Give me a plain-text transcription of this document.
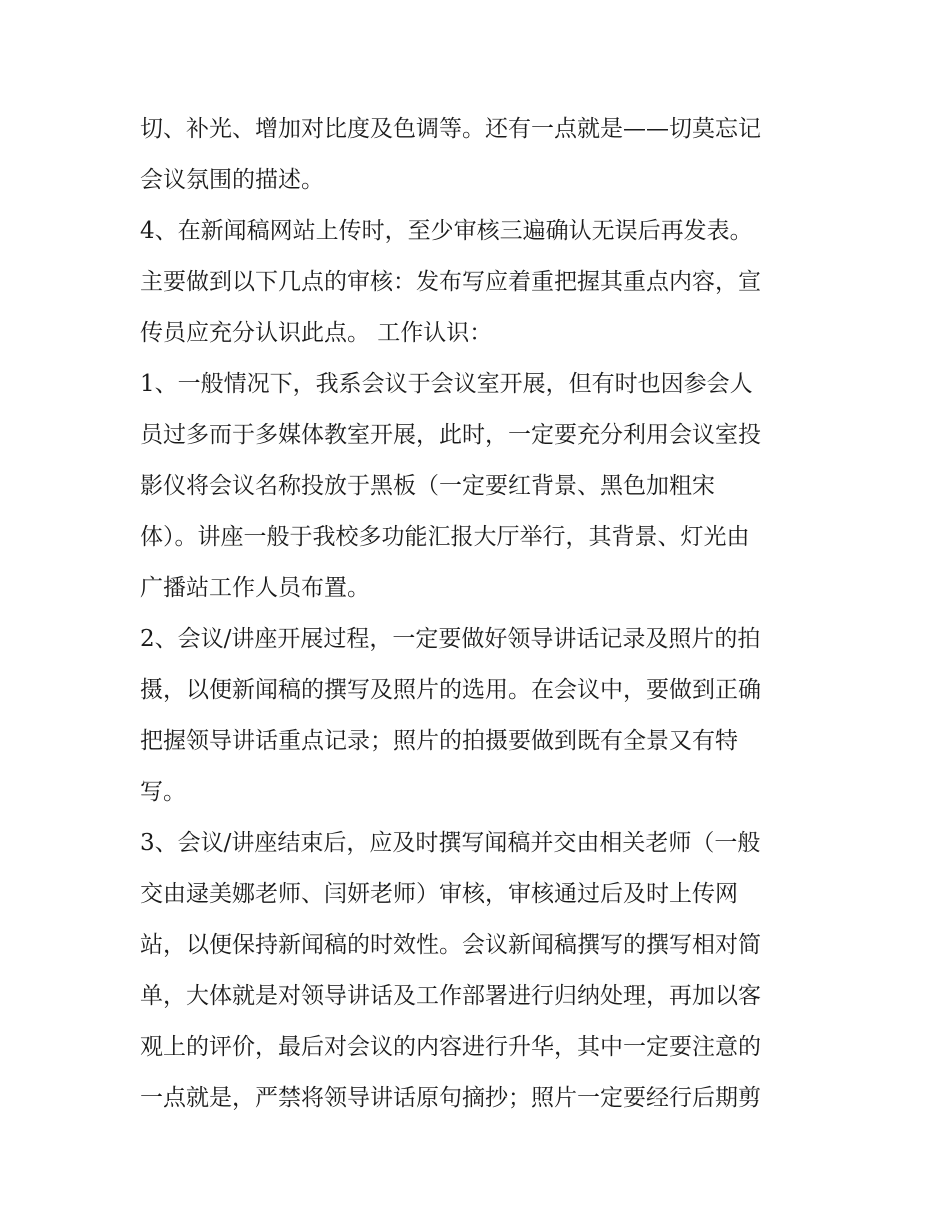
切、补光、增加对比度及色调等。还有一点就是——切莫忘记
会议氛围的描述。
4、在新闻稿网站上传时，至少审核三遍确认无误后再发表。
主要做到以下几点的审核：发布写应着重把握其重点内容，宣
传员应充分认识此点。 工作认识：
1、一般情况下，我系会议于会议室开展，但有时也因参会人
员过多而于多媒体教室开展，此时，一定要充分利用会议室投
影仪将会议名称投放于黑板（一定要红背景、黑色加粗宋
体）。讲座一般于我校多功能汇报大厅举行，其背景、灯光由
广播站工作人员布置。
2、会议/讲座开展过程，一定要做好领导讲话记录及照片的拍
摄，以便新闻稿的撰写及照片的选用。在会议中，要做到正确
把握领导讲话重点记录；照片的拍摄要做到既有全景又有特
写。
3、会议/讲座结束后，应及时撰写闻稿并交由相关老师（一般
交由逯美娜老师、闫妍老师）审核，审核通过后及时上传网
站，以便保持新闻稿的时效性。会议新闻稿撰写的撰写相对简
单，大体就是对领导讲话及工作部署进行归纳处理，再加以客
观上的评价，最后对会议的内容进行升华，其中一定要注意的
一点就是，严禁将领导讲话原句摘抄；照片一定要经行后期剪
